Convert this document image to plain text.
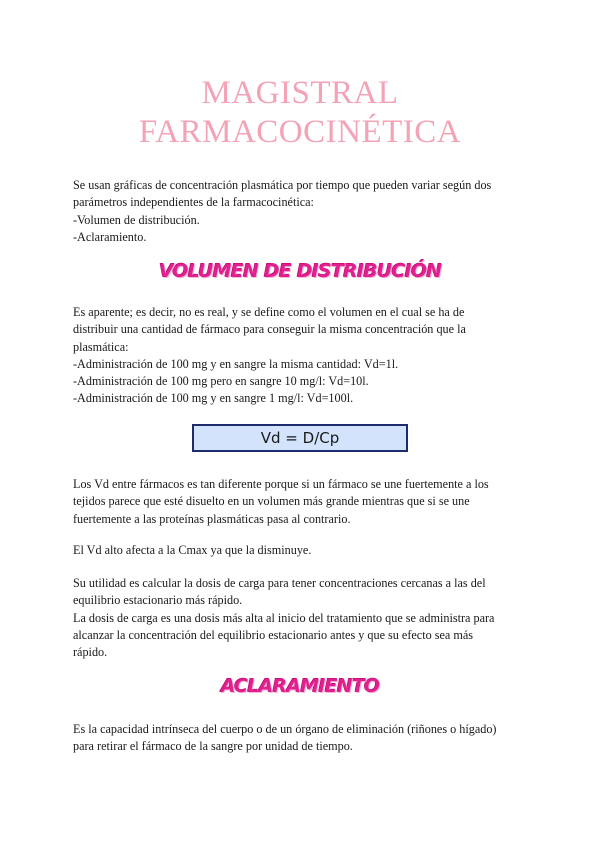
MAGISTRAL
FARMACOCINÉTICA

Se usan gráficas de concentración plasmática por tiempo que pueden variar según dos
parámetros independientes de la farmacocinética:
-Volumen de distribución.
-Aclaramiento.

VOLUMEN DE DISTRIBUCIÓN

Es aparente; es decir, no es real, y se define como el volumen en el cual se ha de
distribuir una cantidad de fármaco para conseguir la misma concentración que la
plasmática:
-Administración de 100 mg y en sangre la misma cantidad: Vd=1l.
-Administración de 100 mg pero en sangre 10 mg/l: Vd=10l.
-Administración de 100 mg y en sangre 1 mg/l: Vd=100l.

Vd = D/Cp

Los Vd entre fármacos es tan diferente porque si un fármaco se une fuertemente a los
tejidos parece que esté disuelto en un volumen más grande mientras que si se une
fuertemente a las proteínas plasmáticas pasa al contrario.

El Vd alto afecta a la Cmax ya que la disminuye.

Su utilidad es calcular la dosis de carga para tener concentraciones cercanas a las del
equilibrio estacionario más rápido.
La dosis de carga es una dosis más alta al inicio del tratamiento que se administra para
alcanzar la concentración del equilibrio estacionario antes y que su efecto sea más
rápido.

ACLARAMIENTO

Es la capacidad intrínseca del cuerpo o de un órgano de eliminación (riñones o hígado)
para retirar el fármaco de la sangre por unidad de tiempo.
